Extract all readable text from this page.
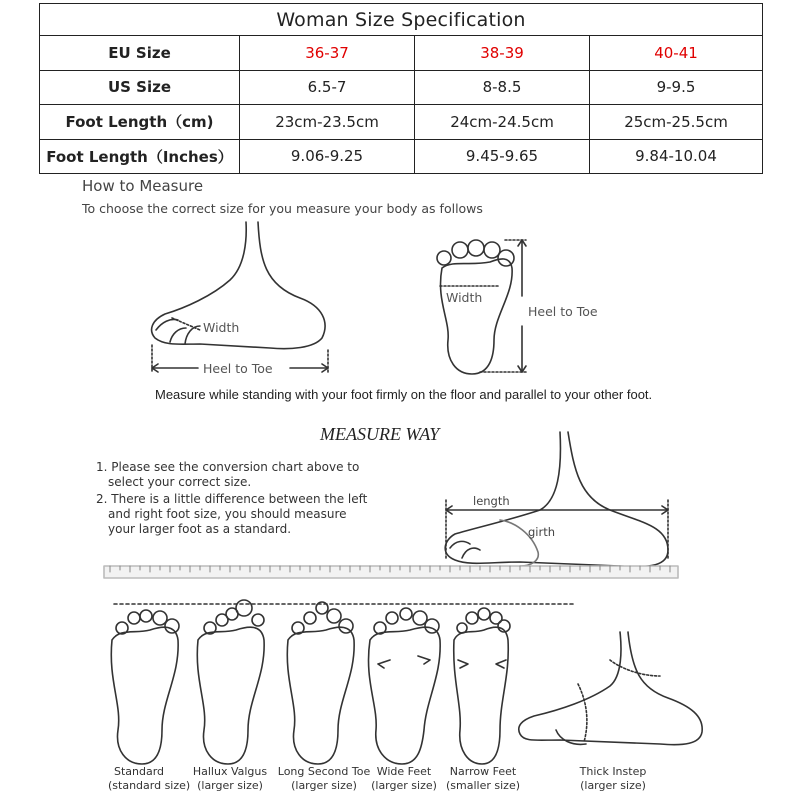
Woman Size Specification			
EU Size	36-37	38-39	40-41
US Size	6.5-7	8-8.5	9-9.5
Foot Length（cm)	23cm-23.5cm	24cm-24.5cm	25cm-25.5cm
Foot Length（Inches）	9.06-9.25	9.45-9.65	9.84-10.04
How to Measure
To choose the correct size for you measure your body as follows
Width
Heel to Toe
Width
Heel to Toe
Measure while standing with your foot firmly on the floor and parallel to your other foot.
MEASURE WAY
1. Please see the conversion chart above to
select your correct size.
2. There is a little difference between the left
and right foot size, you should measure
your larger foot as a standard.
length
girth
Standard
(standard size)
Hallux Valgus
(larger size)
Long Second Toe
(larger size)
Wide Feet
(larger size)
Narrow Feet
(smaller size)
Thick Instep
(larger size)
